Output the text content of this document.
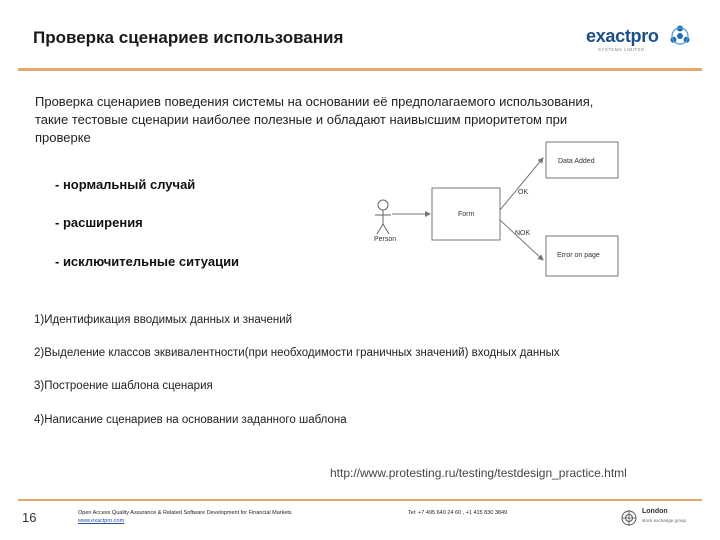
Проверка сценариев использования	exactpro
SYSTEMS LIMITED
Проверка сценариев поведения системы на основании её предполагаемого использования, такие тестовые сценарии наиболее полезные и обладают наивысшим приоритетом при проверке
- нормальный случай
- расширения
- исключительные ситуации
Person
Form
OK
NOK
Data Added
Error on page
1)Идентификация вводимых данных и значений
2)Выделение классов эквивалентности(при необходимости граничных значений) входных данных
3)Построение шаблона сценария
4)Написание сценариев на основании заданного шаблона
http://www.protesting.ru/testing/testdesign_practice.html
16	Open Access Quality Assurance & Related Software Development for Financial Markets
www.exactpro.com
Tel: +7 495 640 24 60 , +1 415 830 3849	London
stock exchange group
